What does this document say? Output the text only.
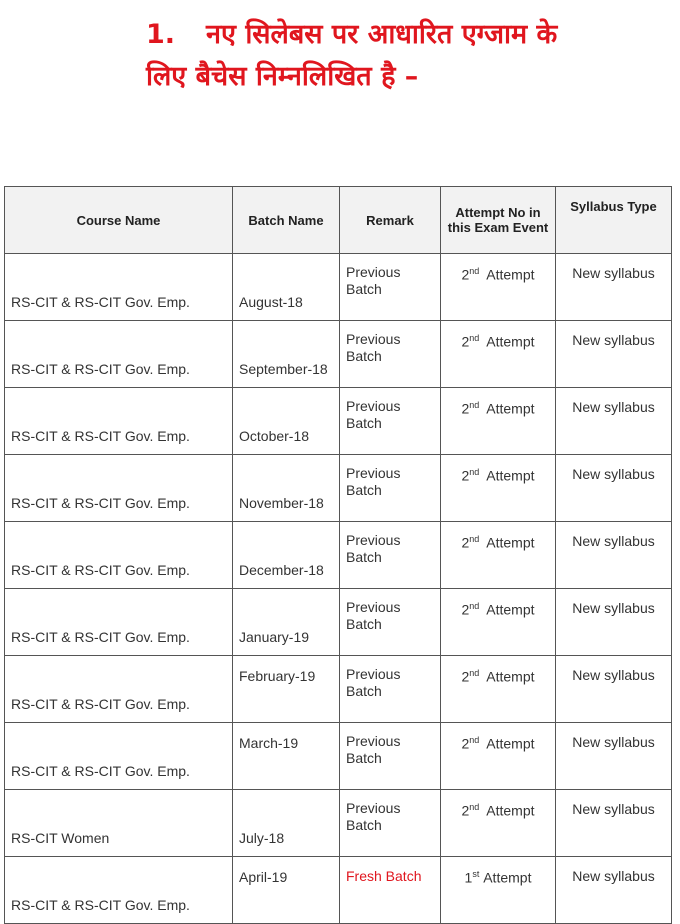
1. नए सिलेबस पर आधारित एग्जाम के
लिए बैचेस निम्नलिखित है –
Course Name	Batch Name	Remark	Attempt No in this Exam Event	Syllabus Type
RS-CIT & RS-CIT Gov. Emp.	August-18	Previous Batch	2nd Attempt	New syllabus
RS-CIT & RS-CIT Gov. Emp.	September-18	Previous Batch	2nd Attempt	New syllabus
RS-CIT & RS-CIT Gov. Emp.	October-18	Previous Batch	2nd Attempt	New syllabus
RS-CIT & RS-CIT Gov. Emp.	November-18	Previous Batch	2nd Attempt	New syllabus
RS-CIT & RS-CIT Gov. Emp.	December-18	Previous Batch	2nd Attempt	New syllabus
RS-CIT & RS-CIT Gov. Emp.	January-19	Previous Batch	2nd Attempt	New syllabus
RS-CIT & RS-CIT Gov. Emp.	February-19	Previous Batch	2nd Attempt	New syllabus
RS-CIT & RS-CIT Gov. Emp.	March-19	Previous Batch	2nd Attempt	New syllabus
RS-CIT Women	July-18	Previous Batch	2nd Attempt	New syllabus
RS-CIT & RS-CIT Gov. Emp.	April-19	Fresh Batch	1st Attempt	New syllabus
